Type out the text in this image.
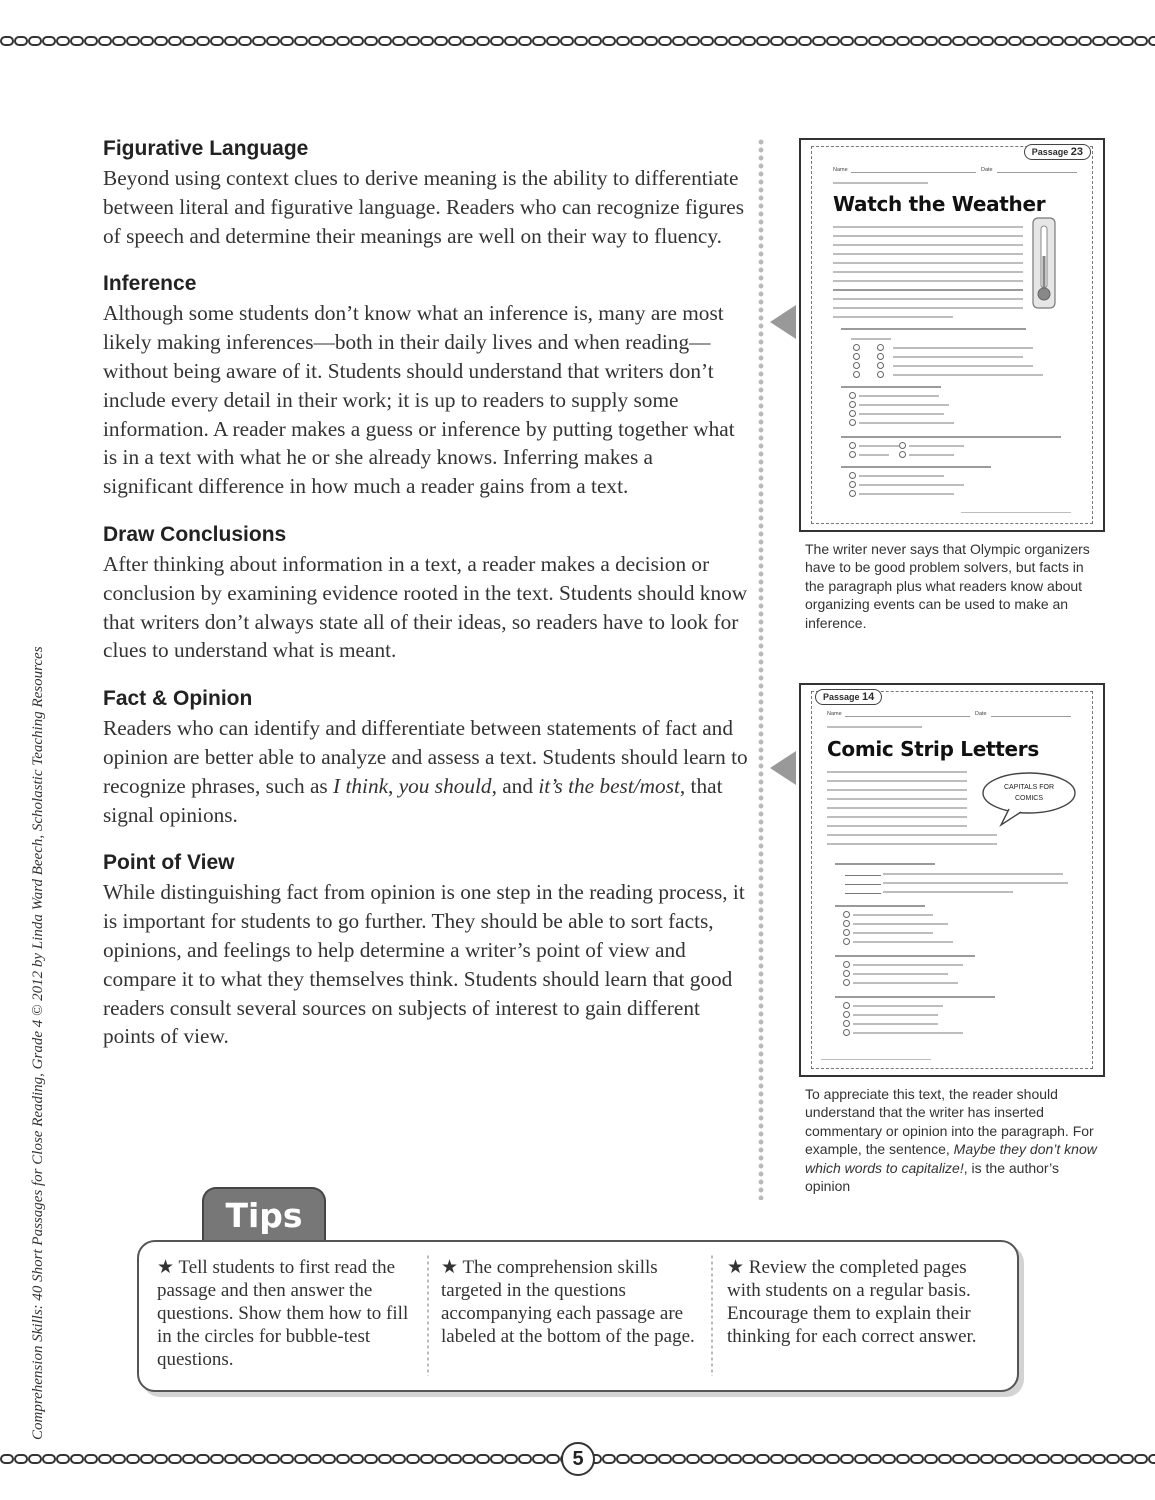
Comprehension Skills: 40 Short Passages for Close Reading, Grade 4 © 2012 by Linda Ward Beech, Scholastic Teaching Resources
Figurative Language

Beyond using context clues to derive meaning is the ability to differentiate between literal and figurative language. Readers who can recognize figures of speech and determine their meanings are well on their way to fluency.

Inference

Although some students don’t know what an inference is, many are most likely making inferences—both in their daily lives and when reading—without being aware of it. Students should understand that writers don’t include every detail in their work; it is up to readers to supply some information. A reader makes a guess or inference by putting together what is in a text with what he or she already knows. Inferring makes a significant difference in how much a reader gains from a text.

Draw Conclusions

After thinking about information in a text, a reader makes a decision or conclusion by examining evidence rooted in the text. Students should know that writers don’t always state all of their ideas, so readers have to look for clues to understand what is meant.

Fact & Opinion

Readers who can identify and differentiate between statements of fact and opinion are better able to analyze and assess a text. Students should learn to recognize phrases, such as I think, you should, and it’s the best/most, that signal opinions.

Point of View

While distinguishing fact from opinion is one step in the reading process, it is important for students to go further. They should be able to sort facts, opinions, and feelings to help determine a writer’s point of view and compare it to what they themselves think. Students should learn that good readers consult several sources on subjects of interest to gain different points of view.

Passage 23
Name	Date
Watch the Weather
The writer never says that Olympic organizers have to be good problem solvers, but facts in the paragraph plus what readers know about organizing events can be used to make an inference.
Passage 14
Name	Date
Comic Strip Letters
CAPITALS FOR COMICS
To appreciate this text, the reader should understand that the writer has inserted commentary or opinion into the paragraph. For example, the sentence, Maybe they don’t know which words to capitalize!, is the author’s opinion
Tips
★ Tell students to first read the passage and then answer the questions. Show them how to fill in the circles for bubble-test questions.
★ The comprehension skills targeted in the questions accompanying each passage are labeled at the bottom of the page.
★ Review the completed pages with students on a regular basis. Encourage them to explain their thinking for each correct answer.
5
